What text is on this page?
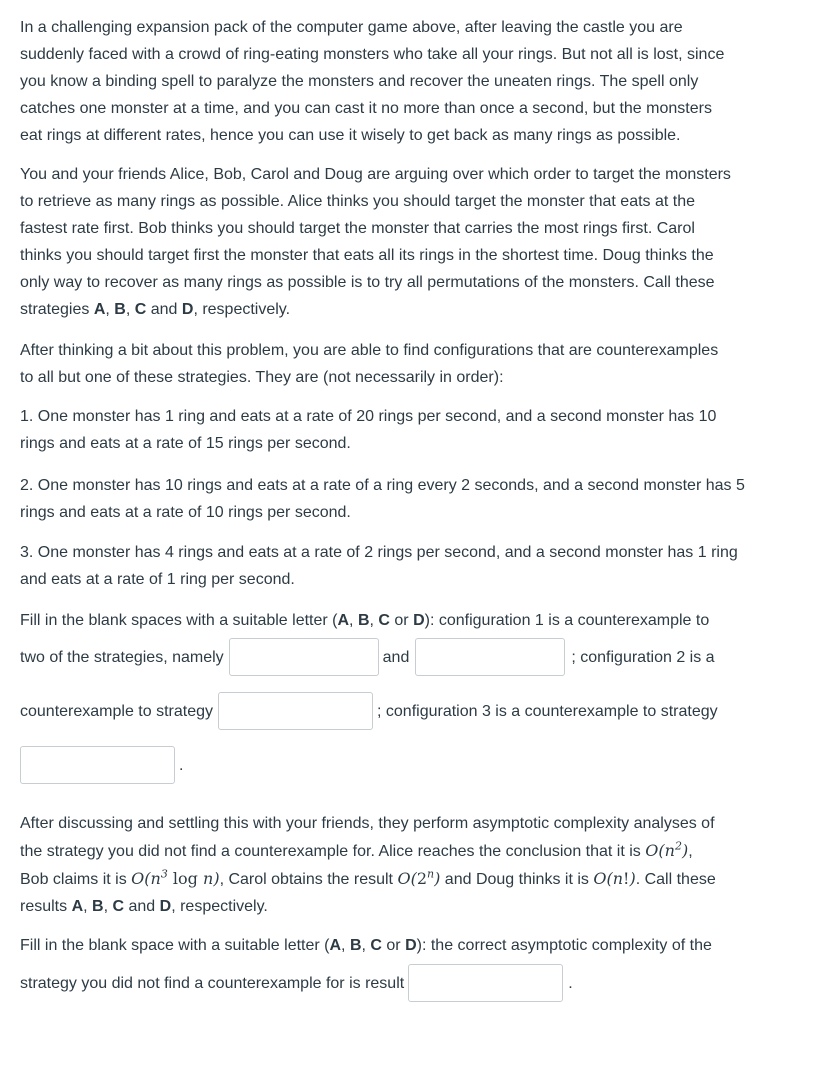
In a challenging expansion pack of the computer game above, after leaving the castle you are
suddenly faced with a crowd of ring-eating monsters who take all your rings. But not all is lost, since
you know a binding spell to paralyze the monsters and recover the uneaten rings. The spell only
catches one monster at a time, and you can cast it no more than once a second, but the monsters
eat rings at different rates, hence you can use it wisely to get back as many rings as possible.

You and your friends Alice, Bob, Carol and Doug are arguing over which order to target the monsters
to retrieve as many rings as possible. Alice thinks you should target the monster that eats at the
fastest rate first. Bob thinks you should target the monster that carries the most rings first. Carol
thinks you should target first the monster that eats all its rings in the shortest time. Doug thinks the
only way to recover as many rings as possible is to try all permutations of the monsters. Call these
strategies A, B, C and D, respectively.

After thinking a bit about this problem, you are able to find configurations that are counterexamples
to all but one of these strategies. They are (not necessarily in order):

1. One monster has 1 ring and eats at a rate of 20 rings per second, and a second monster has 10
rings and eats at a rate of 15 rings per second.

2. One monster has 10 rings and eats at a rate of a ring every 2 seconds, and a second monster has 5
rings and eats at a rate of 10 rings per second.

3. One monster has 4 rings and eats at a rate of 2 rings per second, and a second monster has 1 ring
and eats at a rate of 1 ring per second.

Fill in the blank spaces with a suitable letter (A, B, C or D): configuration 1 is a counterexample to

two of the strategies, namely	and	; configuration 2 is a
counterexample to strategy	; configuration 3 is a counterexample to strategy
.

After discussing and settling this with your friends, they perform asymptotic complexity analyses of
the strategy you did not find a counterexample for. Alice reaches the conclusion that it is $O(n^2)$,
Bob claims it is $O(n^3$ log n), Carol obtains the result O(2$^n$) and Doug thinks it is O(n!). Call these
results A, B, C and D, respectively.

Fill in the blank space with a suitable letter (A, B, C or D): the correct asymptotic complexity of the

strategy you did not find a counterexample for is result	.
